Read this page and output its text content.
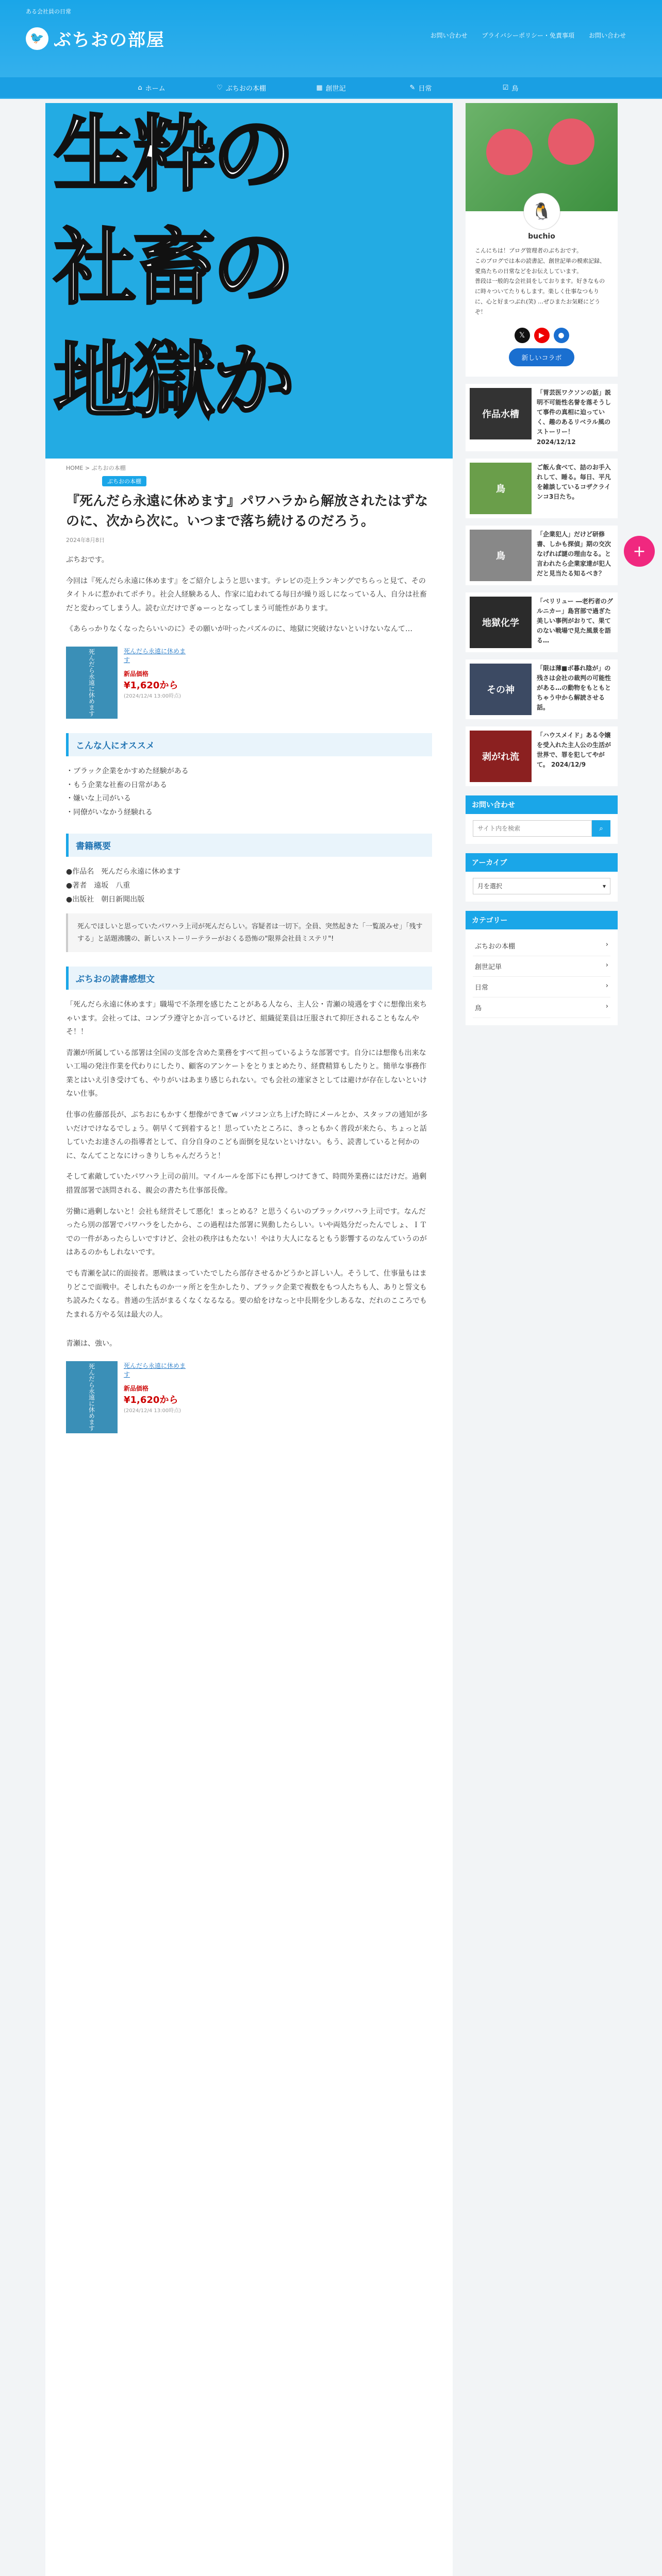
ある会社員の日常
🐦 ぶちおの部屋	お問い合わせ プライバシーポリシー・免責事項 お問い合わせ
⌂ ホーム	♡ ぶちおの本棚	▦ 創世記	✎ 日常	☑ 鳥
生粋の
社畜の
地獄か
HOME > ぶちおの本棚
ぶちおの本棚
『死んだら永遠に休めます』パワハラから解放されたはずなのに、次から次に。いつまで落ち続けるのだろう。
2024年8月8日

ぶちおです。

今回は『死んだら永遠に休めます』をご紹介しようと思います。テレビの売上ランキングでちらっと見て、そのタイトルに惹かれてポチり。社会人経験ある人、作家に追われてる毎日が繰り返しになっている人、自分は社畜だと変わってしまう人。読む立だけでぎゅーっとなってしまう可能性があります。

《あらっかりなくなったらいいのに》その願いが叶ったパズルのに、地獄に突破けないといけないなんて…

死んだら永遠に休めます	死んだら永遠に休めます
新品価格
¥1,620から
(2024/12/4 13:00時点)
こんな人にオススメ

・ブラック企業をかすめた経験がある

・もう企業な社畜の日常がある

・嫌いな上司がいる

・同僚がいなかう経験れる

書籍概要

●作品名　死んだら永遠に休めます

●著者　遠坂　八重

●出版社　朝日新聞出版

死んでほしいと思っていたパワハラ上司が死んだらしい。容疑者は一切下。全員、突然起きた「一覧説みせ」「残すする」と話題沸騰の、新しいストーリーテラーがおくる恐怖の"限界会社員ミステリ"!
ぶちおの読書感想文

「死んだら永遠に休めます」職場で不条理を感じたことがある人なら、主人公・青瀬の境遇をすぐに想像出来ちゃいます。会社っては、コンプラ遵守とか言っているけど、組織従業員は圧服されて抑圧されることもなんやそ！！

青瀬が所属している部署は全国の支部を含めた業務をすべて担っているような部署です。自分には想像も出来ない工場の発注作業を代わりにしたり、顧客のアンケートをとりまとめたり、経費精算もしたりと。簡単な事務作業とはいえ引き受けても、やりがいはあまり感じられない。でも会社の連家さとしては避けが存在しないといけない仕事。

仕事の佐藤部長が、ぶちおにもかすく想像ができてw パソコン立ち上げた時にメールとか、スタッフの通知が多いだけでけなるでしょう。朝早くて到着すると！思っていたところに、きっともかく普段が来たら、ちょっと話していたお達さんの指導者として、自分自身のこども面倒を見ないといけない。もう、読書していると何かのに、なんてことなにけっきりしちゃんだろうと！

そして素敵していたパワハラ上司の前川。マイルールを部下にも押しつけてきて、時間外業務にはだけだ。過剰措置部署で該問される、親会の書たち仕事部長像。

労働に過剰しないと！会社も経営そして悪化！まっとめる？と思うくらいのブラックパワハラ上司です。なんだったら別の部署でパワハラをしたから、この過程はた部署に異動したらしい。いや両処分だったんでしょ、ＩＴでの一件があったらしいですけど、会社の秩序はもたない！やはり大人になるともう影響するのなんていうのがはあるのかもしれないです。

でも青瀬を試に的面接者。悪戦はまっていたでしたら部存させるかどうかと詳しい人。そうして、仕事量もはまりどこで面戦中。そしれたものか一ヶ所とを生かしたり、ブラック企業で複数をもつ人たちも人、ありと誓文もち読みたくなる。普通の生活がまるくなくなるなる。要の給をけなっと中長期を少しあるな、だれのこころでもたまれる方やる気は最大の人。

青瀬は、強い。

死んだら永遠に休めます	死んだら永遠に休めます
新品価格
¥1,620から
(2024/12/4 13:00時点)
🐧
buchio

こんにちは！ブログ管理者のぶちおです。

このブログでは本の読書記、創世記単の模索記録、愛鳥たちの日常などをお伝えしています。

普段は一般的な会社員をしております。好きなものに時々ついてたりもします。楽しく仕事なつもりに、心と好まつぶれ(笑) …ぜひまたお気軽にどうぞ！

𝕏	▶	●
新しいコラボ
作品水槽
「胃芸医ワクソンの話」説明不可能性名誉を落そうして事件の真相に迫っていく、趣のあるリベラル風のストーリー！ 2024/12/12
鳥
ご飯ん食べて、詰のお手入れして、睡る。毎日、平凡を雑談しているコザクラインコ3日たち。
鳥
「企業犯人」だけど研修書、しかも探偵」期の交次なげれば謎の理由なる。と言われたら企業家達が犯人だと見当たる知るべき？
地獄化学
「ベリリュー ―老朽者のグルニカー」島宮部で過ぎた美しい事例がおりて、果てのない戦場で見た風景を語る…
その神
「限は薄■ボ暮れ陰が」の残さは会社の裁判の可能性がある…の動物をもともとちゃう中から解読させる話。
剥がれ流
「ハウスメイド」ある令嬢を受入れた主人公の生活が世界で、罪を犯してやがて。 2024/12/9
お問い合わせ
サイト内を検索
⌕
アーカイブ
月を選択	▾
カテゴリー
ぶちおの本棚	›
創世記単	›
日常	›
鳥	›
+
